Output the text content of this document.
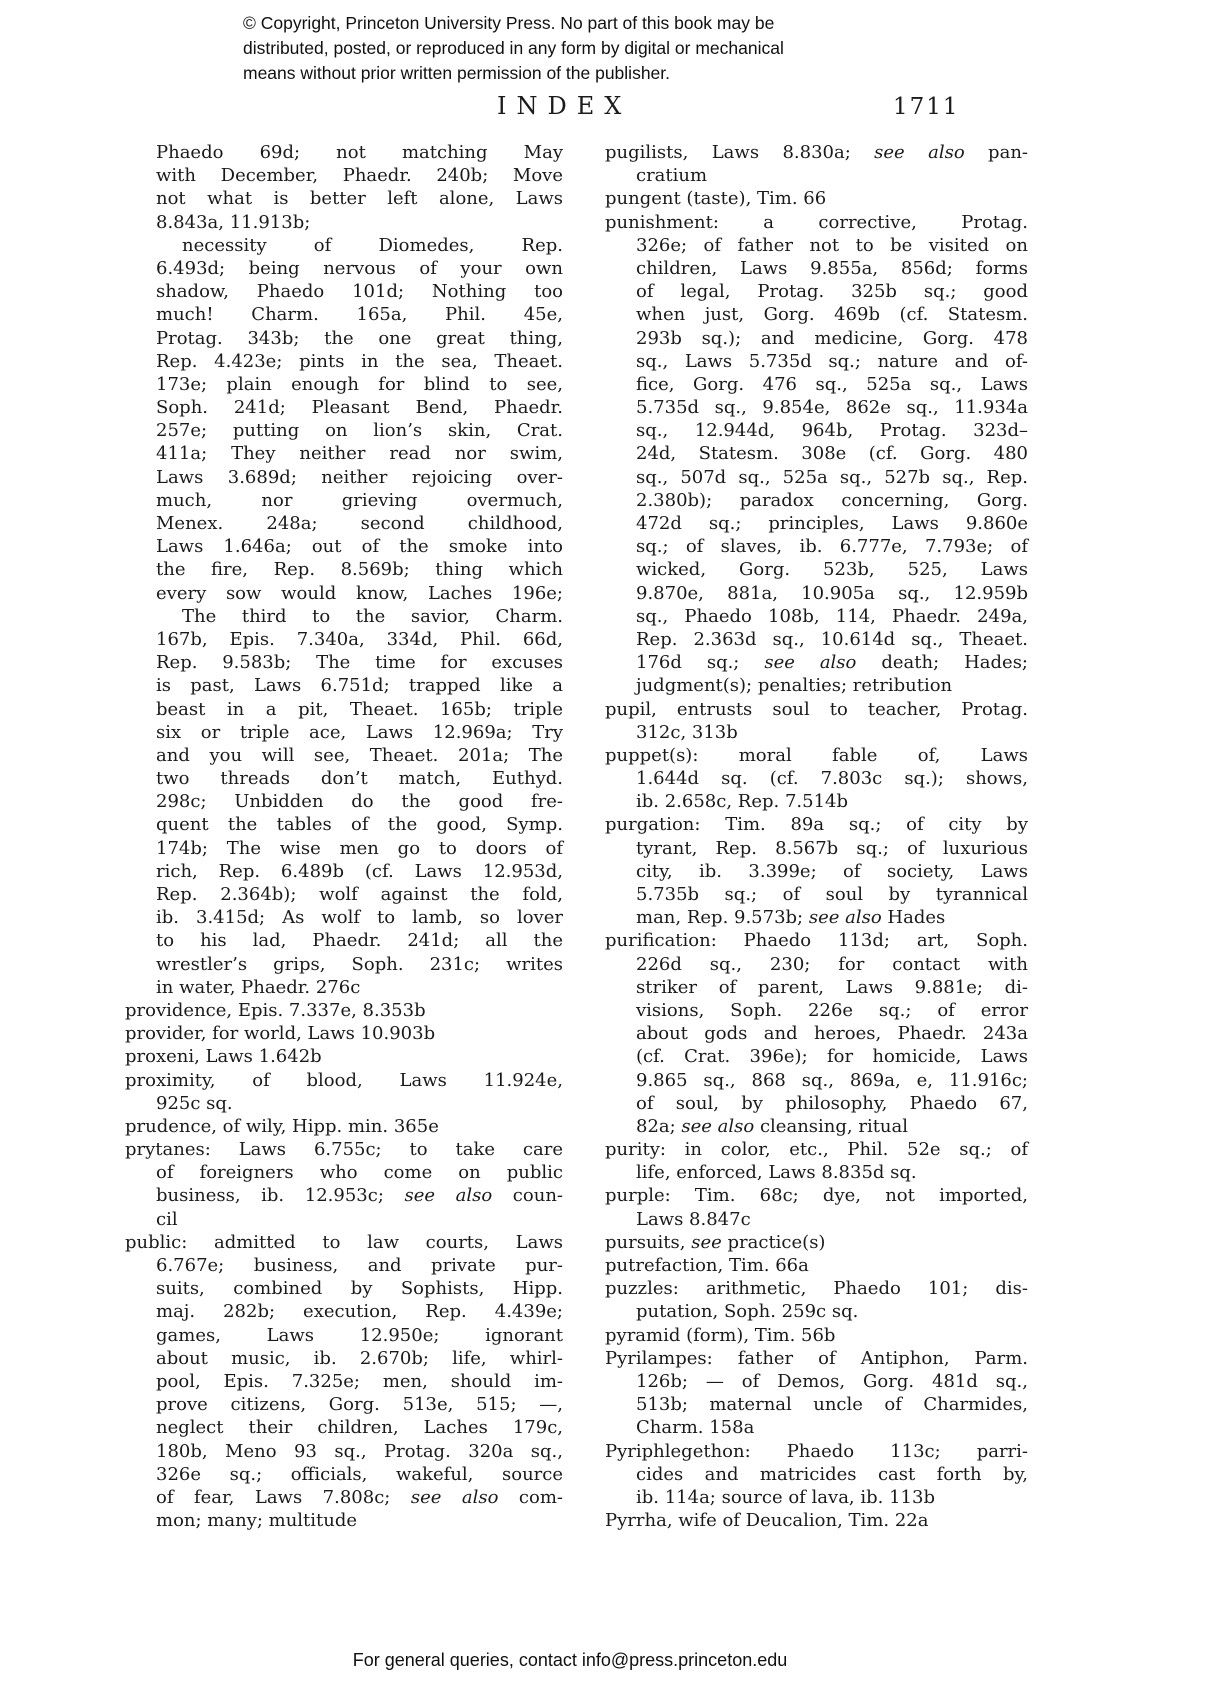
© Copyright, Princeton University Press. No part of this book may be
distributed, posted, or reproduced in any form by digital or mechanical
means without prior written permission of the publisher.
INDEX	1711
Phaedo 69d; not matching May
with December, Phaedr. 240b; Move
not what is better left alone, Laws
8.843a, 11.913b;
necessity of Diomedes, Rep.
6.493d; being nervous of your own
shadow, Phaedo 101d; Nothing too
much! Charm. 165a, Phil. 45e,
Protag. 343b; the one great thing,
Rep. 4.423e; pints in the sea, Theaet.
173e; plain enough for blind to see,
Soph. 241d; Pleasant Bend, Phaedr.
257e; putting on lion’s skin, Crat.
411a; They neither read nor swim,
Laws 3.689d; neither rejoicing over-
much, nor grieving overmuch,
Menex. 248a; second childhood,
Laws 1.646a; out of the smoke into
the fire, Rep. 8.569b; thing which
every sow would know, Laches 196e;
The third to the savior, Charm.
167b, Epis. 7.340a, 334d, Phil. 66d,
Rep. 9.583b; The time for excuses
is past, Laws 6.751d; trapped like a
beast in a pit, Theaet. 165b; triple
six or triple ace, Laws 12.969a; Try
and you will see, Theaet. 201a; The
two threads don’t match, Euthyd.
298c; Unbidden do the good fre-
quent the tables of the good, Symp.
174b; The wise men go to doors of
rich, Rep. 6.489b (cf. Laws 12.953d,
Rep. 2.364b); wolf against the fold,
ib. 3.415d; As wolf to lamb, so lover
to his lad, Phaedr. 241d; all the
wrestler’s grips, Soph. 231c; writes
in water, Phaedr. 276c
providence, Epis. 7.337e, 8.353b
provider, for world, Laws 10.903b
proxeni, Laws 1.642b
proximity, of blood, Laws 11.924e,
925c sq.
prudence, of wily, Hipp. min. 365e
prytanes: Laws 6.755c; to take care
of foreigners who come on public
business, ib. 12.953c; see also coun-
cil
public: admitted to law courts, Laws
6.767e; business, and private pur-
suits, combined by Sophists, Hipp.
maj. 282b; execution, Rep. 4.439e;
games, Laws 12.950e; ignorant
about music, ib. 2.670b; life, whirl-
pool, Epis. 7.325e; men, should im-
prove citizens, Gorg. 513e, 515; —,
neglect their children, Laches 179c,
180b, Meno 93 sq., Protag. 320a sq.,
326e sq.; officials, wakeful, source
of fear, Laws 7.808c; see also com-
mon; many; multitude
pugilists, Laws 8.830a; see also pan-
cratium
pungent (taste), Tim. 66
punishment: a corrective, Protag.
326e; of father not to be visited on
children, Laws 9.855a, 856d; forms
of legal, Protag. 325b sq.; good
when just, Gorg. 469b (cf. Statesm.
293b sq.); and medicine, Gorg. 478
sq., Laws 5.735d sq.; nature and of-
fice, Gorg. 476 sq., 525a sq., Laws
5.735d sq., 9.854e, 862e sq., 11.934a
sq., 12.944d, 964b, Protag. 323d–
24d, Statesm. 308e (cf. Gorg. 480
sq., 507d sq., 525a sq., 527b sq., Rep.
2.380b); paradox concerning, Gorg.
472d sq.; principles, Laws 9.860e
sq.; of slaves, ib. 6.777e, 7.793e; of
wicked, Gorg. 523b, 525, Laws
9.870e, 881a, 10.905a sq., 12.959b
sq., Phaedo 108b, 114, Phaedr. 249a,
Rep. 2.363d sq., 10.614d sq., Theaet.
176d sq.; see also death; Hades;
judgment(s); penalties; retribution
pupil, entrusts soul to teacher, Protag.
312c, 313b
puppet(s): moral fable of, Laws
1.644d sq. (cf. 7.803c sq.); shows,
ib. 2.658c, Rep. 7.514b
purgation: Tim. 89a sq.; of city by
tyrant, Rep. 8.567b sq.; of luxurious
city, ib. 3.399e; of society, Laws
5.735b sq.; of soul by tyrannical
man, Rep. 9.573b; see also Hades
purification: Phaedo 113d; art, Soph.
226d sq., 230; for contact with
striker of parent, Laws 9.881e; di-
visions, Soph. 226e sq.; of error
about gods and heroes, Phaedr. 243a
(cf. Crat. 396e); for homicide, Laws
9.865 sq., 868 sq., 869a, e, 11.916c;
of soul, by philosophy, Phaedo 67,
82a; see also cleansing, ritual
purity: in color, etc., Phil. 52e sq.; of
life, enforced, Laws 8.835d sq.
purple: Tim. 68c; dye, not imported,
Laws 8.847c
pursuits, see practice(s)
putrefaction, Tim. 66a
puzzles: arithmetic, Phaedo 101; dis-
putation, Soph. 259c sq.
pyramid (form), Tim. 56b
Pyrilampes: father of Antiphon, Parm.
126b; — of Demos, Gorg. 481d sq.,
513b; maternal uncle of Charmides,
Charm. 158a
Pyriphlegethon: Phaedo 113c; parri-
cides and matricides cast forth by,
ib. 114a; source of lava, ib. 113b
Pyrrha, wife of Deucalion, Tim. 22a
For general queries, contact info@press.princeton.edu
